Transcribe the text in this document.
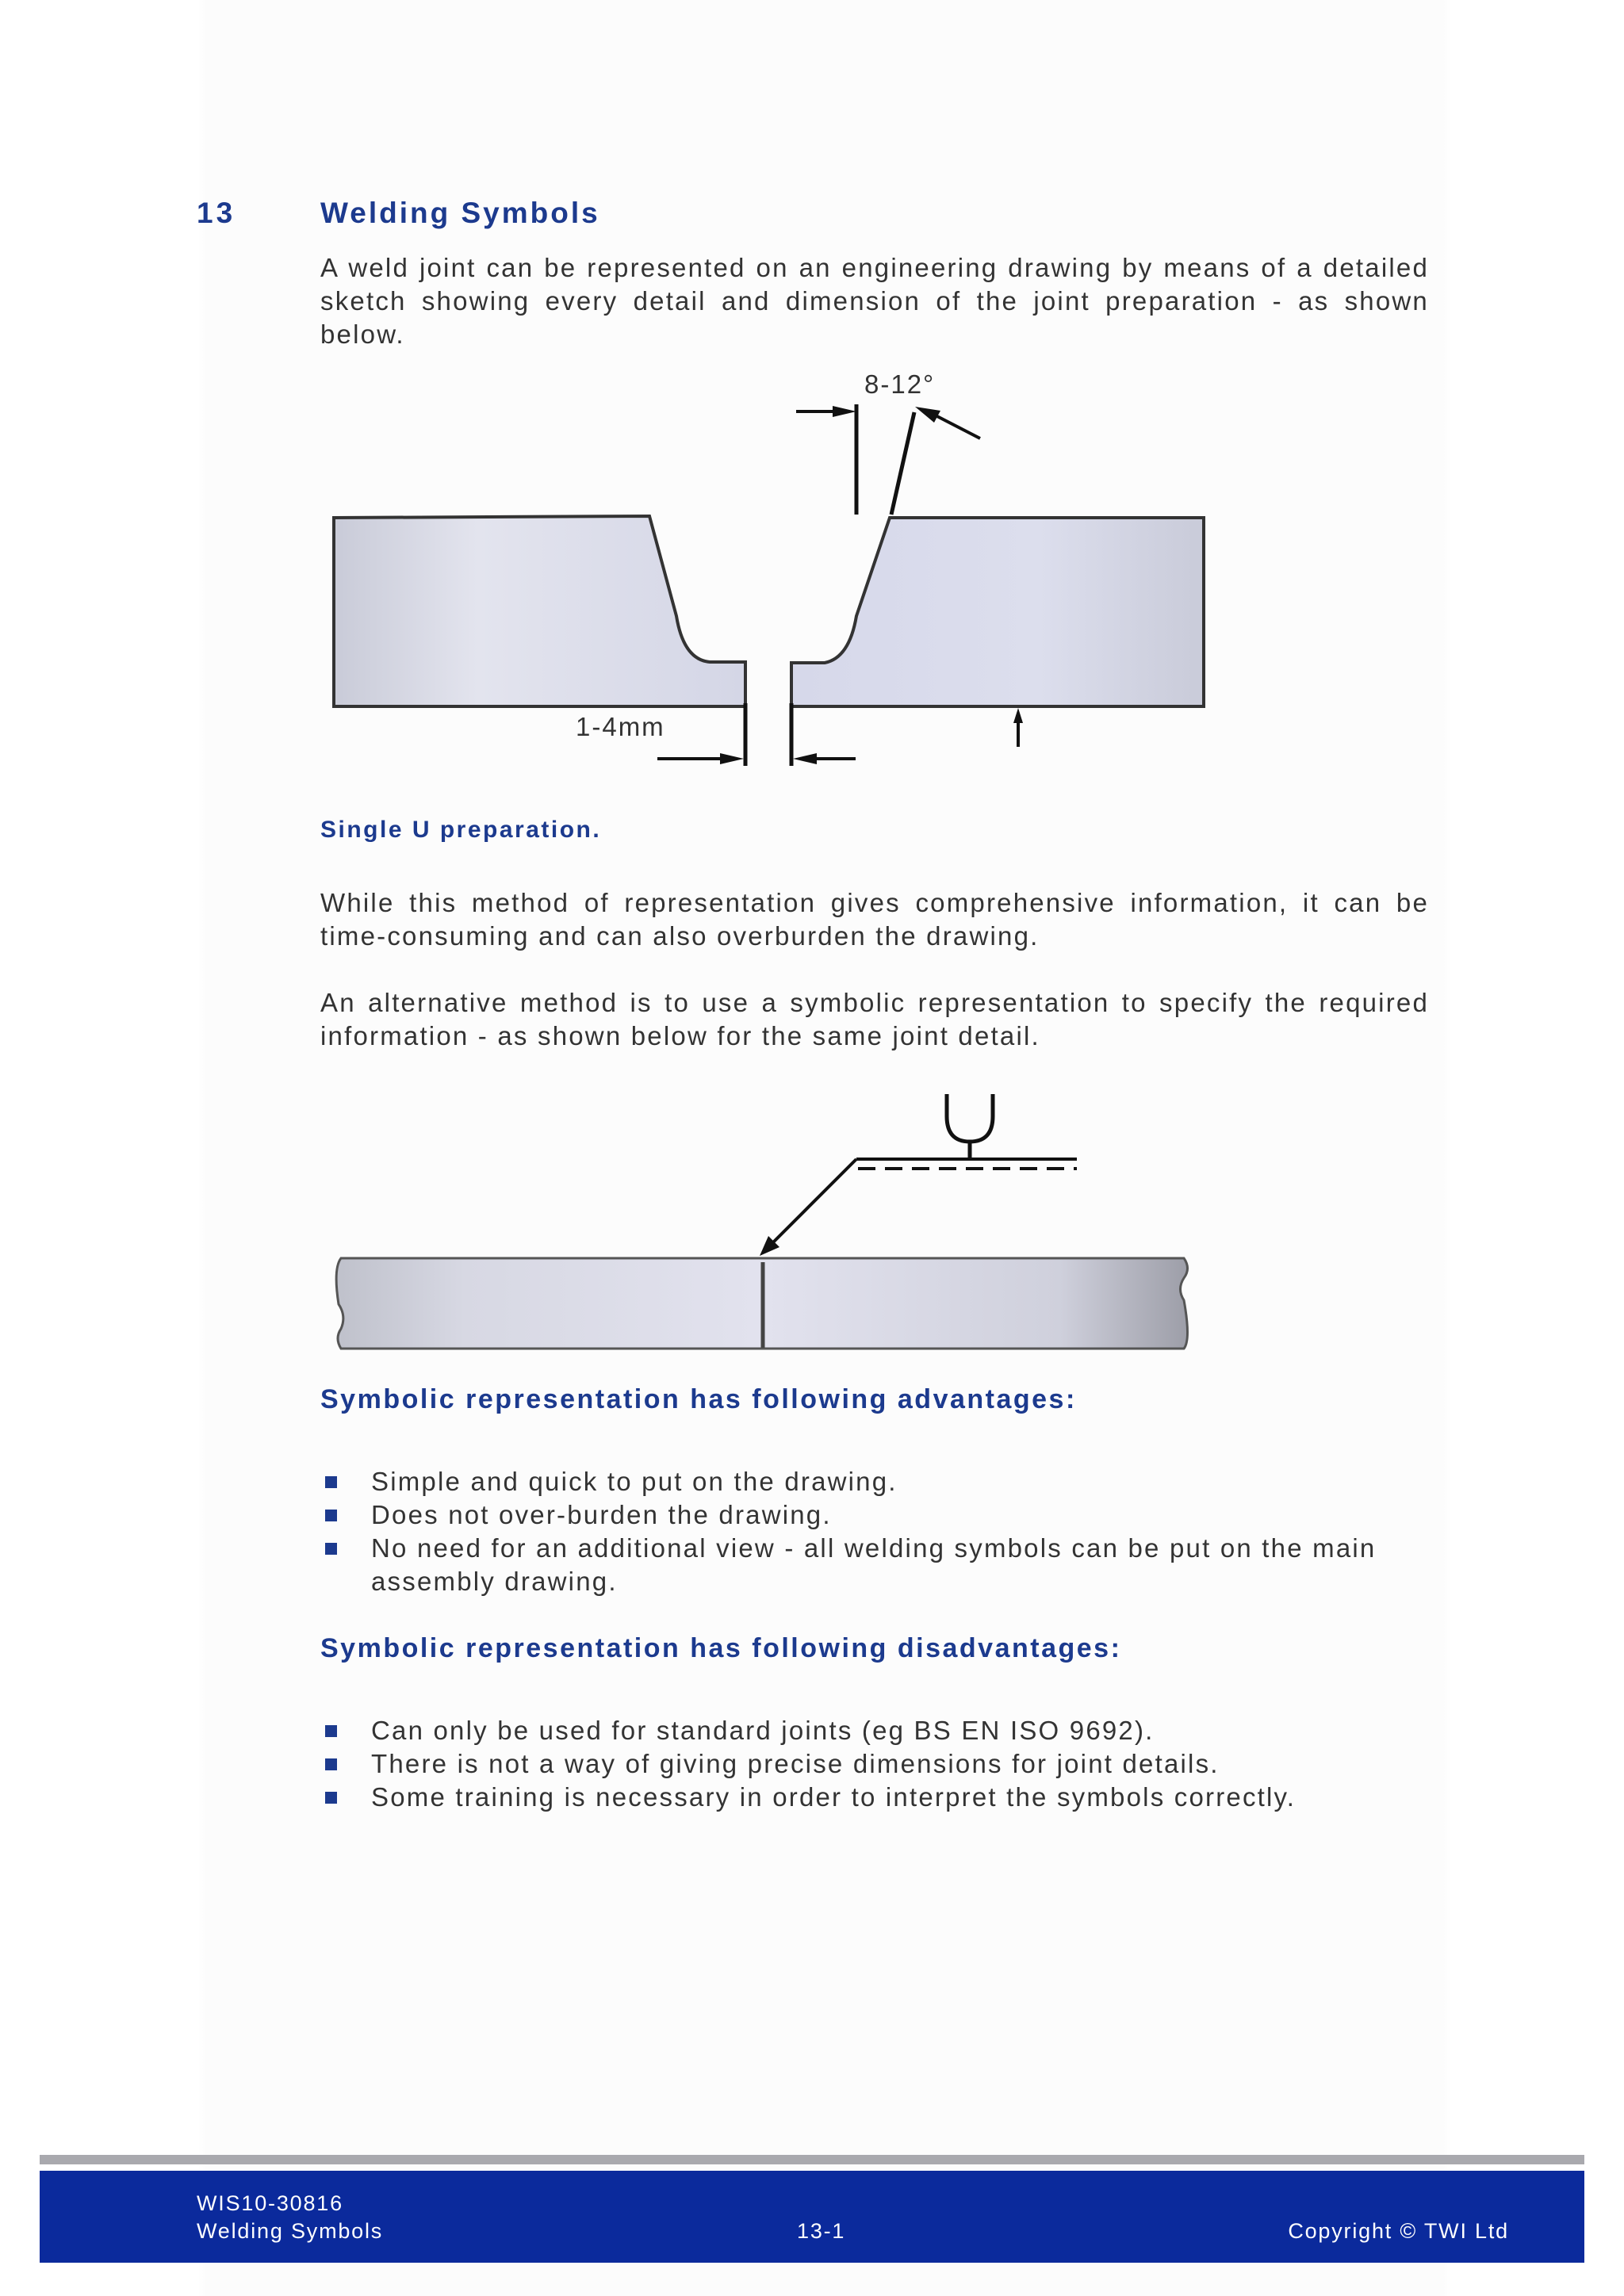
13	Welding Symbols

A weld joint can be represented on an engineering drawing by means of a detailed sketch showing every detail and dimension of the joint preparation - as shown below.

8-12°
1-4mm
Single U preparation.

While this method of representation gives comprehensive information, it can be time-consuming and can also overburden the drawing.

An alternative method is to use a symbolic representation to specify the required information - as shown below for the same joint detail.

Symbolic representation has following advantages:
Simple and quick to put on the drawing.
Does not over-burden the drawing.
No need for an additional view - all welding symbols can be put on the main assembly drawing.
Symbolic representation has following disadvantages:
Can only be used for standard joints (eg BS EN ISO 9692).
There is not a way of giving precise dimensions for joint details.
Some training is necessary in order to interpret the symbols correctly.
WIS10-30816
Welding Symbols	13-1	Copyright © TWI Ltd
